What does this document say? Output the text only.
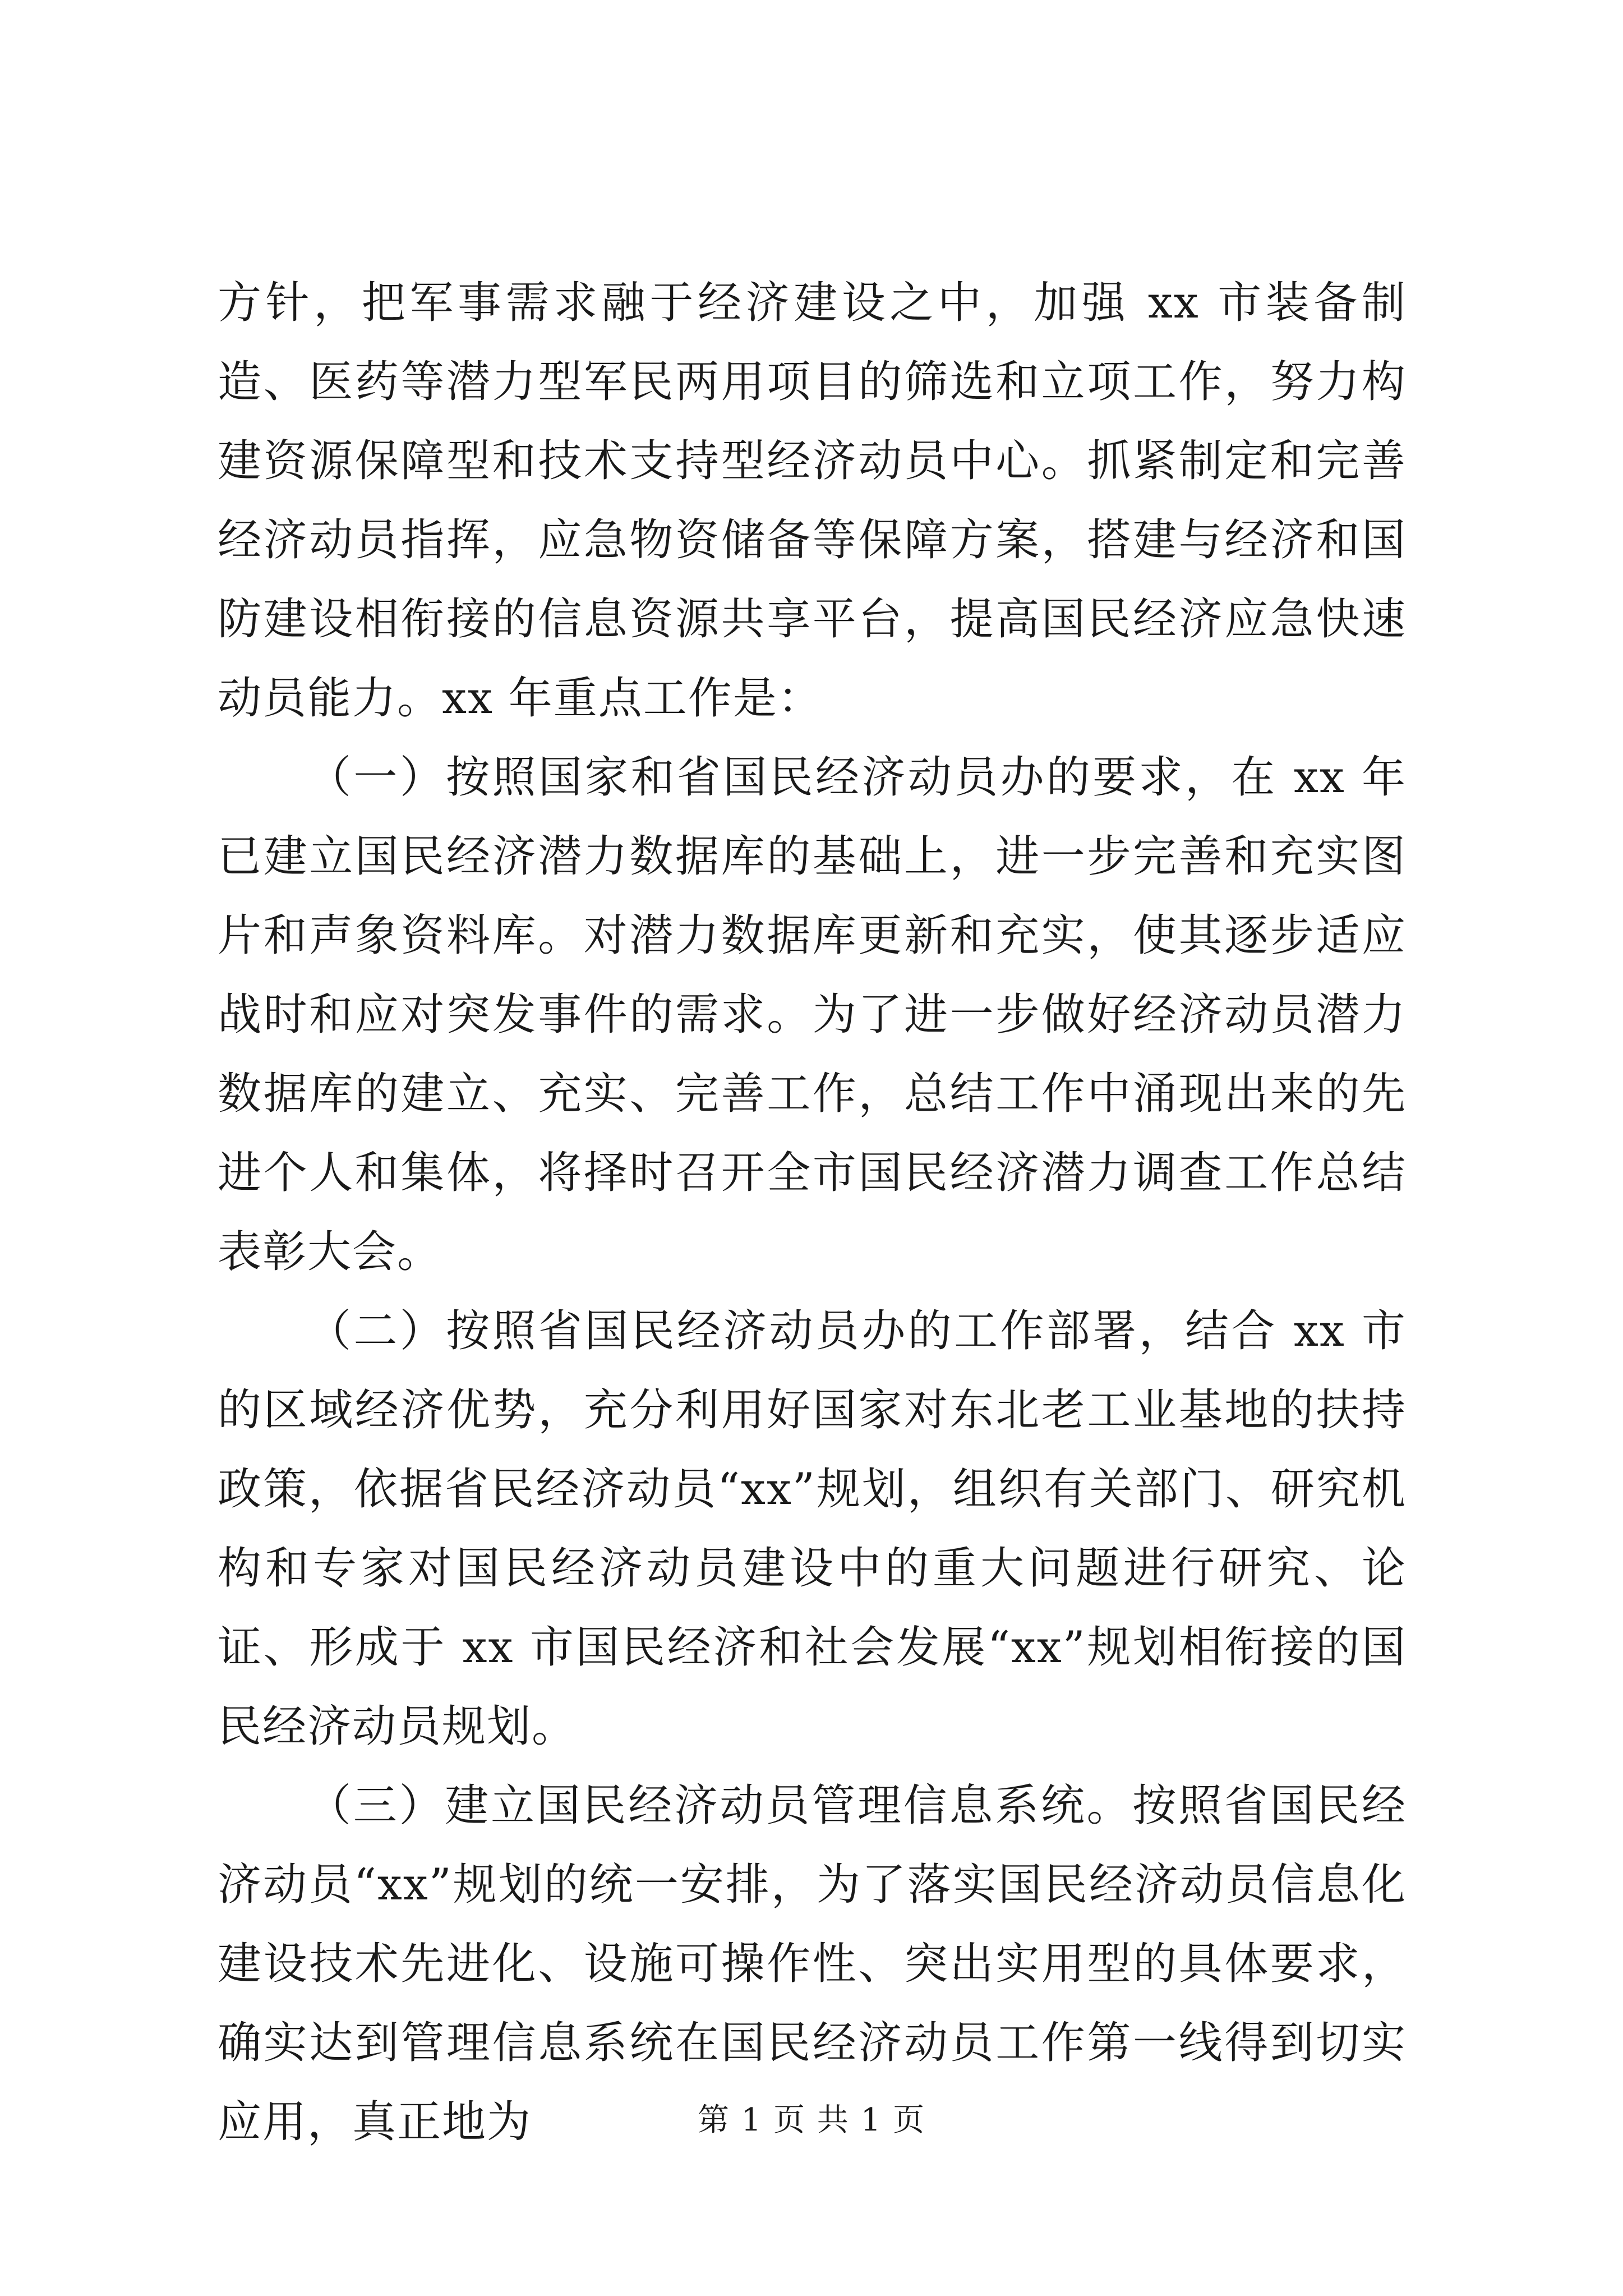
方针，把军事需求融于经济建设之中，加强 xx 市装备制造、医药等潜力型军民两用项目的筛选和立项工作，努力构建资源保障型和技术支持型经济动员中心。抓紧制定和完善经济动员指挥，应急物资储备等保障方案，搭建与经济和国防建设相衔接的信息资源共享平台，提高国民经济应急快速动员能力。xx 年重点工作是：

（一）按照国家和省国民经济动员办的要求，在 xx 年已建立国民经济潜力数据库的基础上，进一步完善和充实图片和声象资料库。对潜力数据库更新和充实，使其逐步适应战时和应对突发事件的需求。为了进一步做好经济动员潜力数据库的建立、充实、完善工作，总结工作中涌现出来的先进个人和集体，将择时召开全市国民经济潜力调查工作总结表彰大会。

（二）按照省国民经济动员办的工作部署，结合 xx 市的区域经济优势，充分利用好国家对东北老工业基地的扶持政策，依据省民经济动员“xx”规划，组织有关部门、研究机构和专家对国民经济动员建设中的重大问题进行研究、论证、形成于 xx 市国民经济和社会发展“xx”规划相衔接的国民经济动员规划。

（三）建立国民经济动员管理信息系统。按照省国民经济动员“xx”规划的统一安排，为了落实国民经济动员信息化建设技术先进化、设施可操作性、突出实用型的具体要求，确实达到管理信息系统在国民经济动员工作第一线得到切实应用，真正地为	第 1 页 共 1 页
